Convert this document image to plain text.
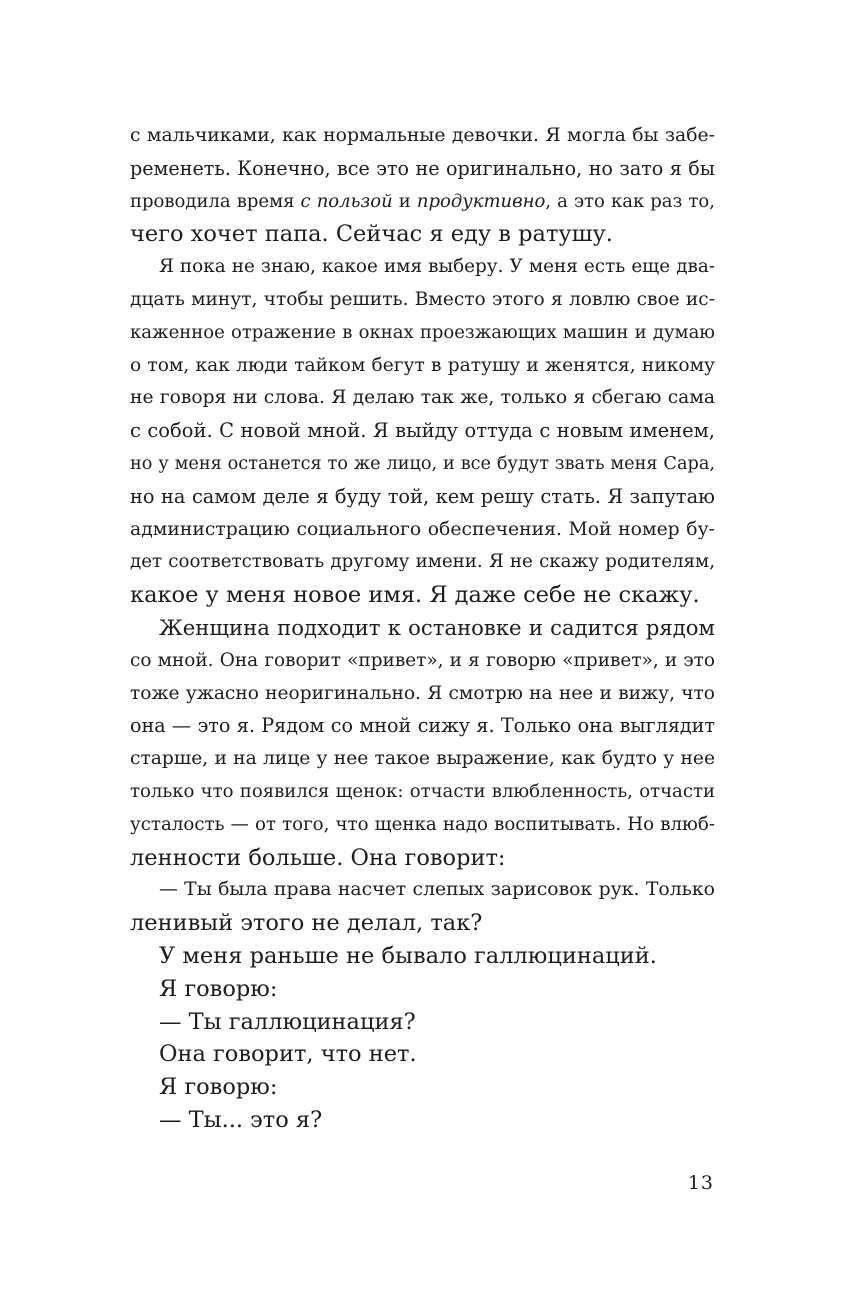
с мальчиками, как нормальные девочки. Я могла бы забе-
ременеть. Конечно, все это не оригинально, но зато я бы
проводила время с пользой и продуктивно, а это как раз то,
чего хочет папа. Сейчас я еду в ратушу.
Я пока не знаю, какое имя выберу. У меня есть еще два-
дцать минут, чтобы решить. Вместо этого я ловлю свое ис-
каженное отражение в окнах проезжающих машин и думаю
о том, как люди тайком бегут в ратушу и женятся, никому
не говоря ни слова. Я делаю так же, только я сбегаю сама
с собой. С новой мной. Я выйду оттуда с новым именем,
но у меня останется то же лицо, и все будут звать меня Сара,
но на самом деле я буду той, кем решу стать. Я запутаю
администрацию социального обеспечения. Мой номер бу-
дет соответствовать другому имени. Я не скажу родителям,
какое у меня новое имя. Я даже себе не скажу.
Женщина подходит к остановке и садится рядом
со мной. Она говорит «привет», и я говорю «привет», и это
тоже ужасно неоригинально. Я смотрю на нее и вижу, что
она — это я. Рядом со мной сижу я. Только она выглядит
старше, и на лице у нее такое выражение, как будто у нее
только что появился щенок: отчасти влюбленность, отчасти
усталость — от того, что щенка надо воспитывать. Но влюб-
ленности больше. Она говорит:
— Ты была права насчет слепых зарисовок рук. Только
ленивый этого не делал, так?
У меня раньше не бывало галлюцинаций.
Я говорю:
— Ты галлюцинация?
Она говорит, что нет.
Я говорю:
— Ты... это я?
13
